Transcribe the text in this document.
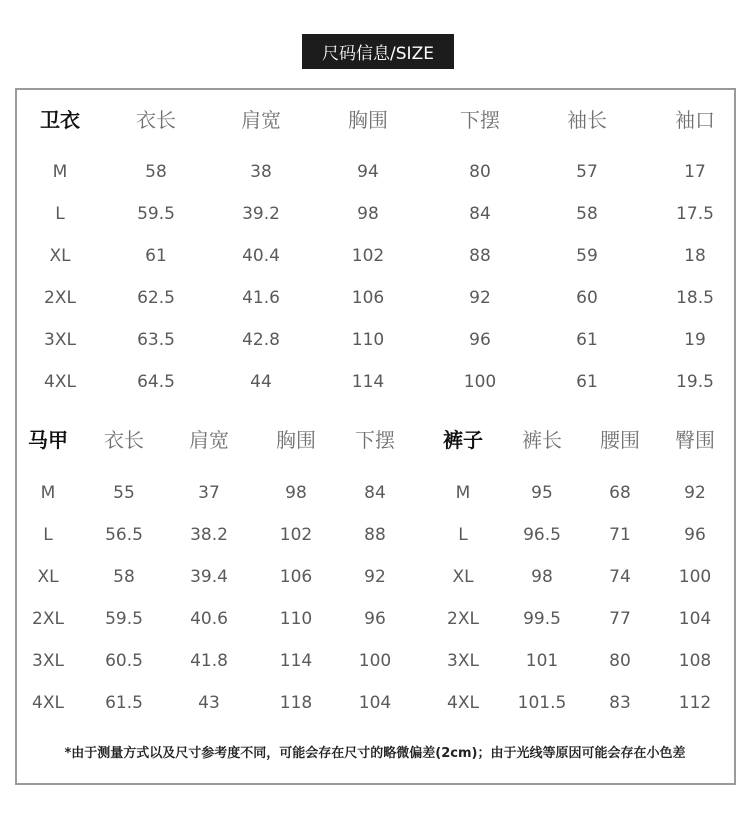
尺码信息/SIZE
卫衣	衣长	肩宽	胸围	下摆	袖长	袖口
M	58	38	94	80	57	17
L	59.5	39.2	98	84	58	17.5
XL	61	40.4	102	88	59	18
2XL	62.5	41.6	106	92	60	18.5
3XL	63.5	42.8	110	96	61	19
4XL	64.5	44	114	100	61	19.5
马甲 衣长 肩宽 胸围 下摆
M	55	37	98	84
L	56.5	38.2	102	88
XL	58	39.4	106	92
2XL 59.5	40.6	110	96
3XL 60.5	41.8	114	100
4XL 61.5	43	118	104
裤子 裤长 腰围 臀围
M	95	68	92
L	96.5	71	96
XL	98	74	100
2XL	99.5	77	104
3XL	101	80	108
4XL 101.5	83	112
*由于测量方式以及尺寸参考度不同，可能会存在尺寸的略微偏差(2cm)；由于光线等原因可能会存在小色差
